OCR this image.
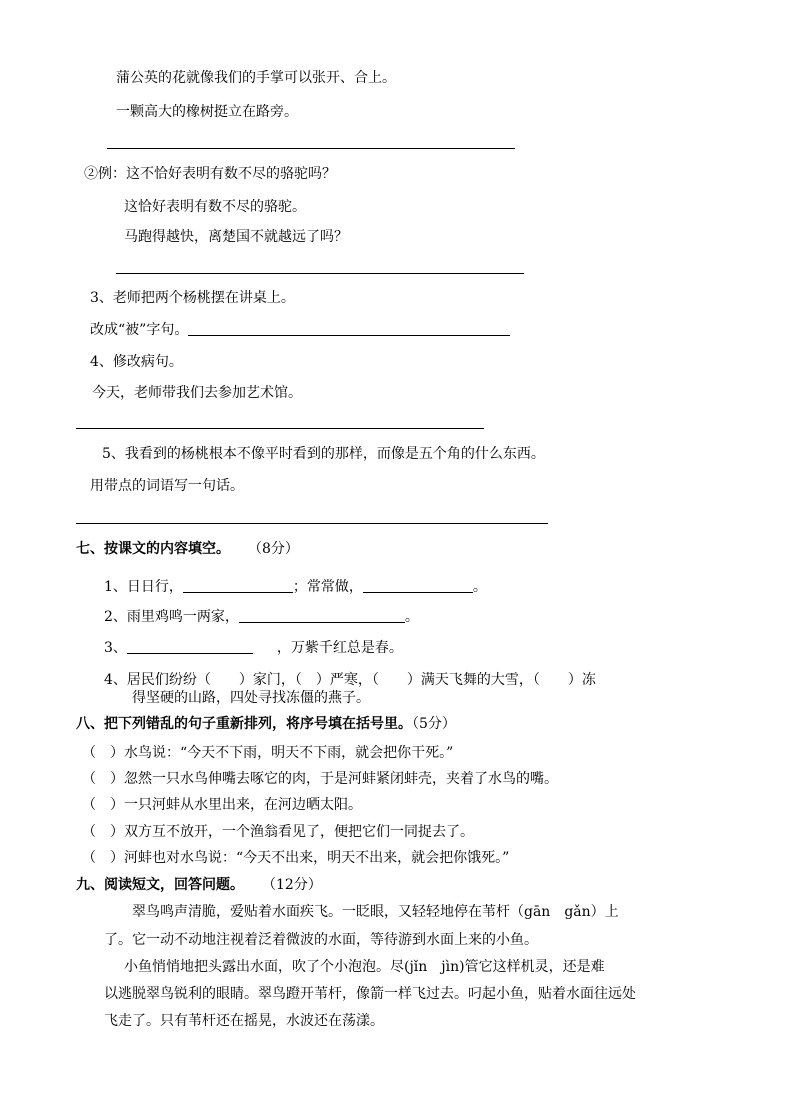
蒲公英的花就像我们的手掌可以张开、合上。
一颗高大的橡树挺立在路旁。
②例：这不恰好表明有数不尽的骆驼吗？
这恰好表明有数不尽的骆驼。
马跑得越快，离楚国不就越远了吗？
3、老师把两个杨桃摆在讲桌上。
改成“被”字句。
4、修改病句。
今天，老师带我们去参加艺术馆。
5、我看到的杨桃根本不像平时看到的那样，而像是五个角的什么东西。
用带点的词语写一句话。
七、按课文的内容填空。 （8分）
1、日日行，	；常常做，	。
2、雨里鸡鸣一两家，	。
3、	，万紫千红总是春。
4、居民们纷纷（　　）家门，（　）严寒，（　　）满天飞舞的大雪，（　　）冻
得坚硬的山路，四处寻找冻僵的燕子。
八、把下列错乱的句子重新排列，将序号填在括号里。（5分）
（　）水鸟说：“今天不下雨，明天不下雨，就会把你干死。”
（　）忽然一只水鸟伸嘴去啄它的肉，于是河蚌紧闭蚌壳，夹着了水鸟的嘴。
（　）一只河蚌从水里出来，在河边晒太阳。
（　）双方互不放开，一个渔翁看见了，便把它们一同捉去了。
（　）河蚌也对水鸟说：“今天不出来，明天不出来，就会把你饿死。”
九、阅读短文，回答问题。 （12分）
翠鸟鸣声清脆，爱贴着水面疾飞。一眨眼，又轻轻地停在苇杆（gān　gǎn）上
了。它一动不动地注视着泛着微波的水面，等待游到水面上来的小鱼。
小鱼悄悄地把头露出水面，吹了个小泡泡。尽(jǐn　jìn)管它这样机灵，还是难
以逃脱翠鸟锐利的眼睛。翠鸟蹬开苇杆，像箭一样飞过去。叼起小鱼，贴着水面往远处
飞走了。只有苇杆还在摇晃，水波还在荡漾。
